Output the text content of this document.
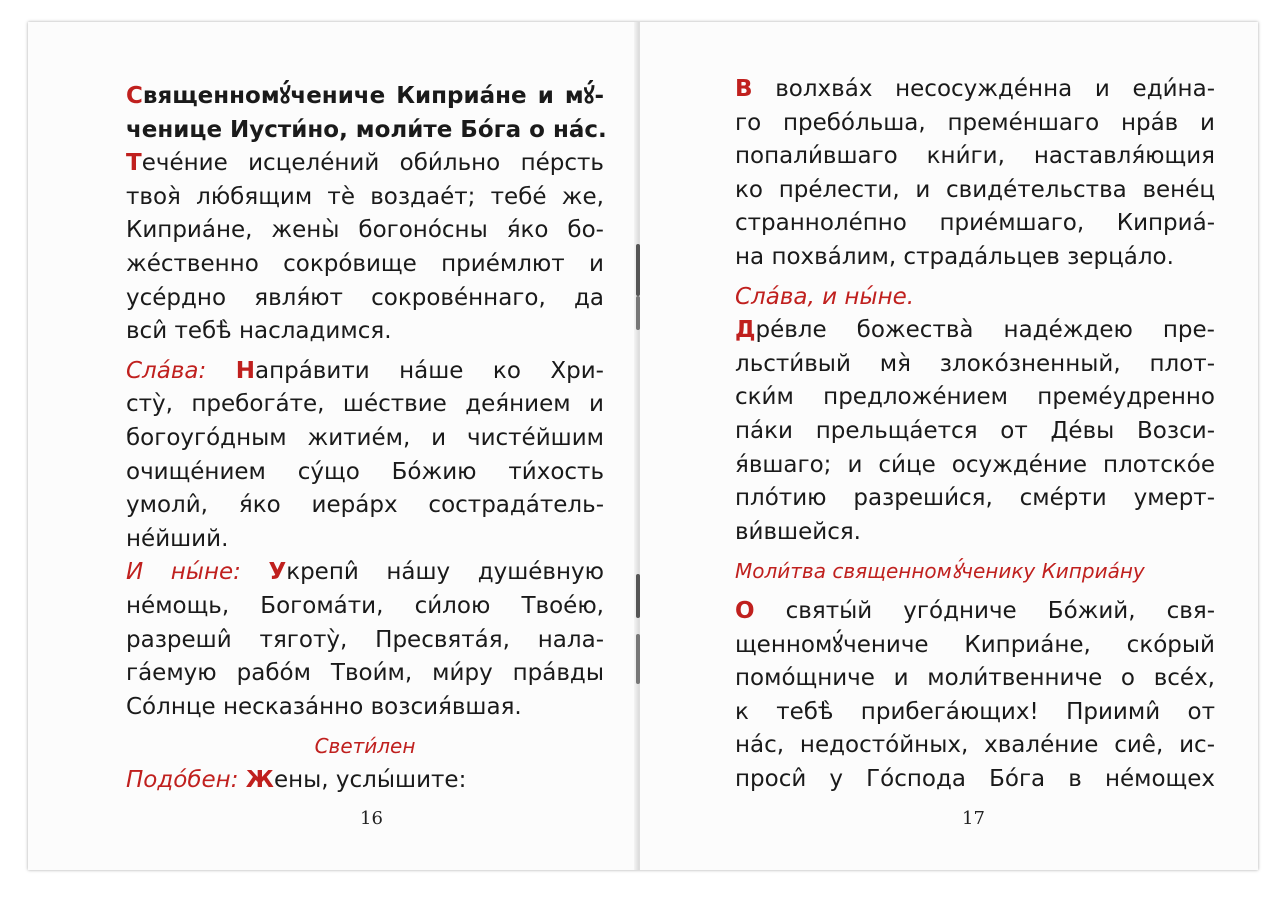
Священномꙋ́чениче Киприа́не и мꙋ́-
ченице Иусти́но, моли́те Бо́га о на́с.
Тече́ние исцеле́ний оби́льно пе́рсть
твоя̀ лю́бящим тѐ воздае́т; тебе́ же,
Киприа́не, жены̀ богоно́сны я́ко бо-
же́ственно сокро́вище прие́млют и
усе́рдно явля́ют сокрове́ннаго, да
вси̂ тебѣ̀ насладимся.
Сла́ва: Напра́вити на́ше ко Хри-
сту̀, пребога́те, ше́ствие дея́нием и
богоуго́дным житие́м, и чисте́йшим
очище́нием су́що Бо́жию ти́хость
умоли̂, я́ко иера́рх сострада́тель-
не́йший.
И ны́не: Укрепи̂ на́шу душе́вную
не́мощь, Богома́ти, си́лою Твое́ю,
разреши̂ тяготу̀, Пресвята́я, нала-
га́емую рабо́м Твои́м, ми́ру пра́вды
Со́лнце несказа́нно возсия́вшая.
Свети́лен
Подо́бен: Жены, услы́шите:
16
В волхва́х несосужде́нна и еди́на-
го пребо́льша, преме́ншаго нра́в и
попали́вшаго кни́ги, наставля́ющия
ко пре́лести, и свиде́тельства вене́ц
странноле́пно прие́мшаго, Киприа́-
на похва́лим, страда́льцев зерца́ло.
Сла́ва, и ны́не.
Дре́вле божества̀ наде́ждею пре-
льсти́вый мя̀ злоко́зненный, плот-
ски́м предложе́нием преме́удренно
па́ки прельща́ется от Де́вы Возси-
я́вшаго; и си́це осужде́ние плотско́е
пло́тию разреши́ся, сме́рти умерт-
ви́вшейся.
Моли́тва священномꙋ́ченику Киприа́ну
О святы́й уго́дниче Бо́жий, свя-
щенномꙋ́чениче Киприа́не, ско́рый
помо́щниче и моли́твенниче о все́х,
к тебѣ̀ прибега́ющих! Приими̂ от
на́с, недосто́йных, хвале́ние сие̂, ис-
проси̂ у Го́спода Бо́га в не́мощех
17
